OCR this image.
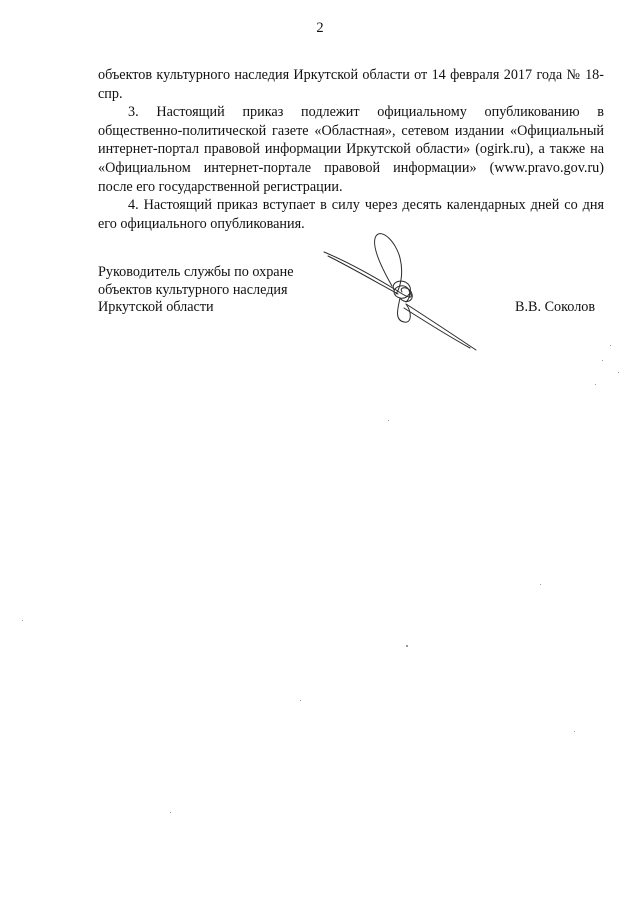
2

объектов культурного наследия Иркутской области от 14 февраля 2017 года № 18-спр.

3. Настоящий приказ подлежит официальному опубликованию в общественно-политической газете «Областная», сетевом издании «Официальный интернет-портал правовой информации Иркутской области» (ogirk.ru), а также на «Официальном интернет-портале правовой информации» (www.pravo.gov.ru) после его государственной регистрации.

4. Настоящий приказ вступает в силу через десять календарных дней со дня его официального опубликования.

Руководитель службы по охране
объектов культурного наследия
Иркутской области	В.В. Соколов
